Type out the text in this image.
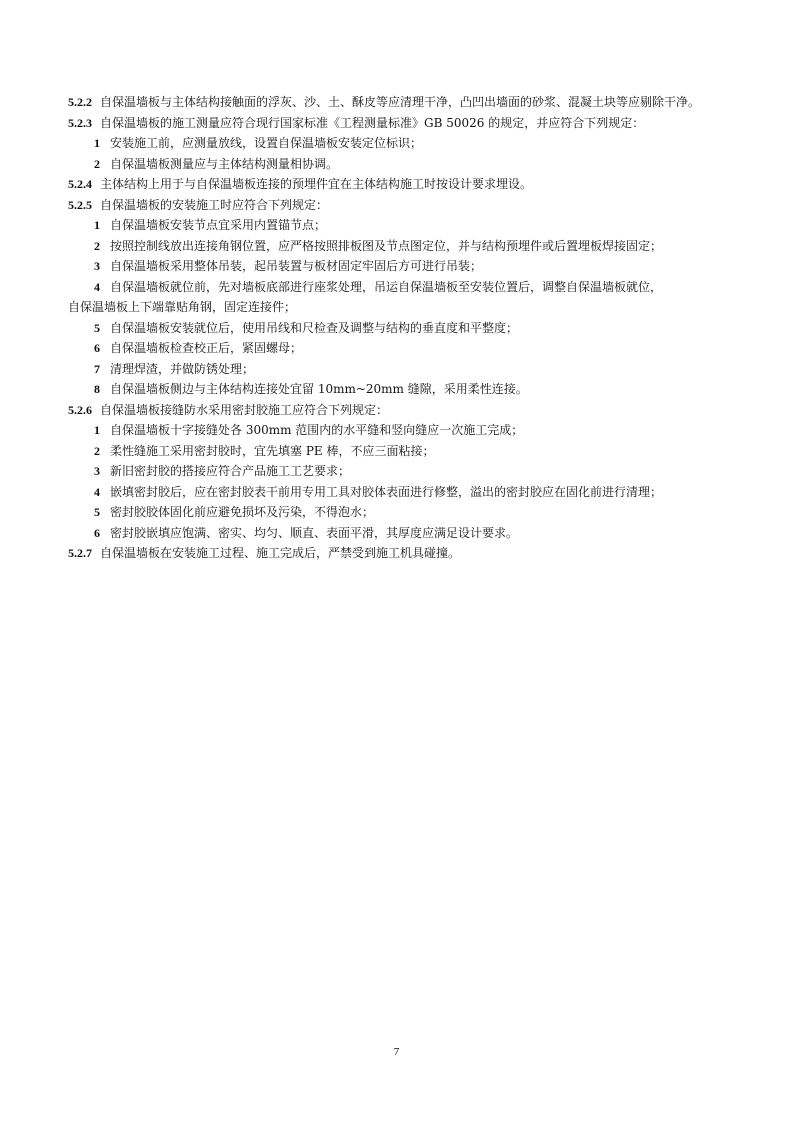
5.2.2 自保温墙板与主体结构接触面的浮灰、沙、土、酥皮等应清理干净，凸凹出墙面的砂浆、混凝土块等应剔除干净。
5.2.3 自保温墙板的施工测量应符合现行国家标准《工程测量标准》GB 50026 的规定，并应符合下列规定：
1 安装施工前，应测量放线，设置自保温墙板安装定位标识；
2 自保温墙板测量应与主体结构测量相协调。
5.2.4 主体结构上用于与自保温墙板连接的预埋件宜在主体结构施工时按设计要求埋设。
5.2.5 自保温墙板的安装施工时应符合下列规定：
1 自保温墙板安装节点宜采用内置锚节点；
2 按照控制线放出连接角钢位置，应严格按照排板图及节点图定位，并与结构预埋件或后置埋板焊接固定；
3 自保温墙板采用整体吊装，起吊装置与板材固定牢固后方可进行吊装；
4 自保温墙板就位前，先对墙板底部进行座浆处理，吊运自保温墙板至安装位置后，调整自保温墙板就位，
自保温墙板上下端靠贴角钢，固定连接件；
5 自保温墙板安装就位后，使用吊线和尺检查及调整与结构的垂直度和平整度；
6 自保温墙板检查校正后，紧固螺母；
7 清理焊渣，并做防锈处理；
8 自保温墙板侧边与主体结构连接处宜留 10mm~20mm 缝隙，采用柔性连接。
5.2.6 自保温墙板接缝防水采用密封胶施工应符合下列规定：
1 自保温墙板十字接缝处各 300mm 范围内的水平缝和竖向缝应一次施工完成；
2 柔性缝施工采用密封胶时，宜先填塞 PE 棒，不应三面粘接；
3 新旧密封胶的搭接应符合产品施工工艺要求；
4 嵌填密封胶后，应在密封胶表干前用专用工具对胶体表面进行修整，溢出的密封胶应在固化前进行清理；
5 密封胶胶体固化前应避免损坏及污染，不得泡水；
6 密封胶嵌填应饱满、密实、均匀、顺直、表面平滑，其厚度应满足设计要求。
5.2.7 自保温墙板在安装施工过程、施工完成后，严禁受到施工机具碰撞。
7
